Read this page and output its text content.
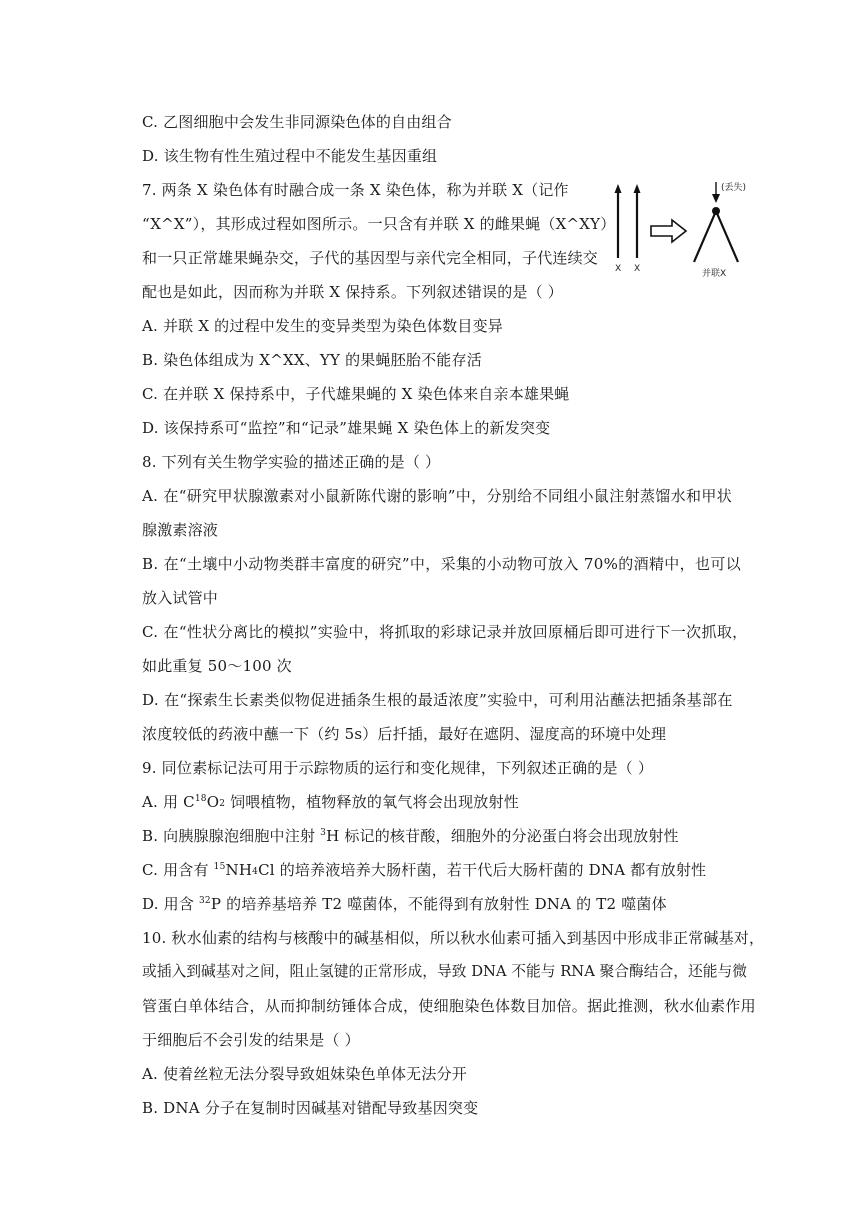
C. 乙图细胞中会发生非同源染色体的自由组合
D. 该生物有性生殖过程中不能发生基因重组
7. 两条 X 染色体有时融合成一条 X 染色体，称为并联 X（记作
“X^X”），其形成过程如图所示。一只含有并联 X 的雌果蝇（X^XY）
和一只正常雄果蝇杂交，子代的基因型与亲代完全相同，子代连续交
配也是如此，因而称为并联 X 保持系。下列叙述错误的是（ ）
X X
(丢失)
并联X
A. 并联 X 的过程中发生的变异类型为染色体数目变异
B. 染色体组成为 X^XX、YY 的果蝇胚胎不能存活
C. 在并联 X 保持系中，子代雄果蝇的 X 染色体来自亲本雄果蝇
D. 该保持系可“监控”和“记录”雄果蝇 X 染色体上的新发突变
8. 下列有关生物学实验的描述正确的是（ ）
A. 在“研究甲状腺激素对小鼠新陈代谢的影响”中，分别给不同组小鼠注射蒸馏水和甲状
腺激素溶液
B. 在“土壤中小动物类群丰富度的研究”中，采集的小动物可放入 70%的酒精中，也可以
放入试管中
C. 在“性状分离比的模拟”实验中，将抓取的彩球记录并放回原桶后即可进行下一次抓取，
如此重复 50～100 次
D. 在“探索生长素类似物促进插条生根的最适浓度”实验中，可利用沾蘸法把插条基部在
浓度较低的药液中蘸一下（约 5s）后扦插，最好在遮阴、湿度高的环境中处理
9. 同位素标记法可用于示踪物质的运行和变化规律，下列叙述正确的是（ ）
A. 用 $C^{18}O_2$ 饲喂植物，植物释放的氧气将会出现放射性
B. 向胰腺腺泡细胞中注射 $^3$H 标记的核苷酸，细胞外的分泌蛋白将会出现放射性
C. 用含有 $^{15}NH_4Cl$ 的培养液培养大肠杆菌，若干代后大肠杆菌的 DNA 都有放射性
D. 用含 $^{32}$P 的培养基培养 T2 噬菌体，不能得到有放射性 DNA 的 T2 噬菌体
10. 秋水仙素的结构与核酸中的碱基相似，所以秋水仙素可插入到基因中形成非正常碱基对，
或插入到碱基对之间，阻止氢键的正常形成，导致 DNA 不能与 RNA 聚合酶结合，还能与微
管蛋白单体结合，从而抑制纺锤体合成，使细胞染色体数目加倍。据此推测，秋水仙素作用
于细胞后不会引发的结果是（ ）
A. 使着丝粒无法分裂导致姐妹染色单体无法分开
B. DNA 分子在复制时因碱基对错配导致基因突变
